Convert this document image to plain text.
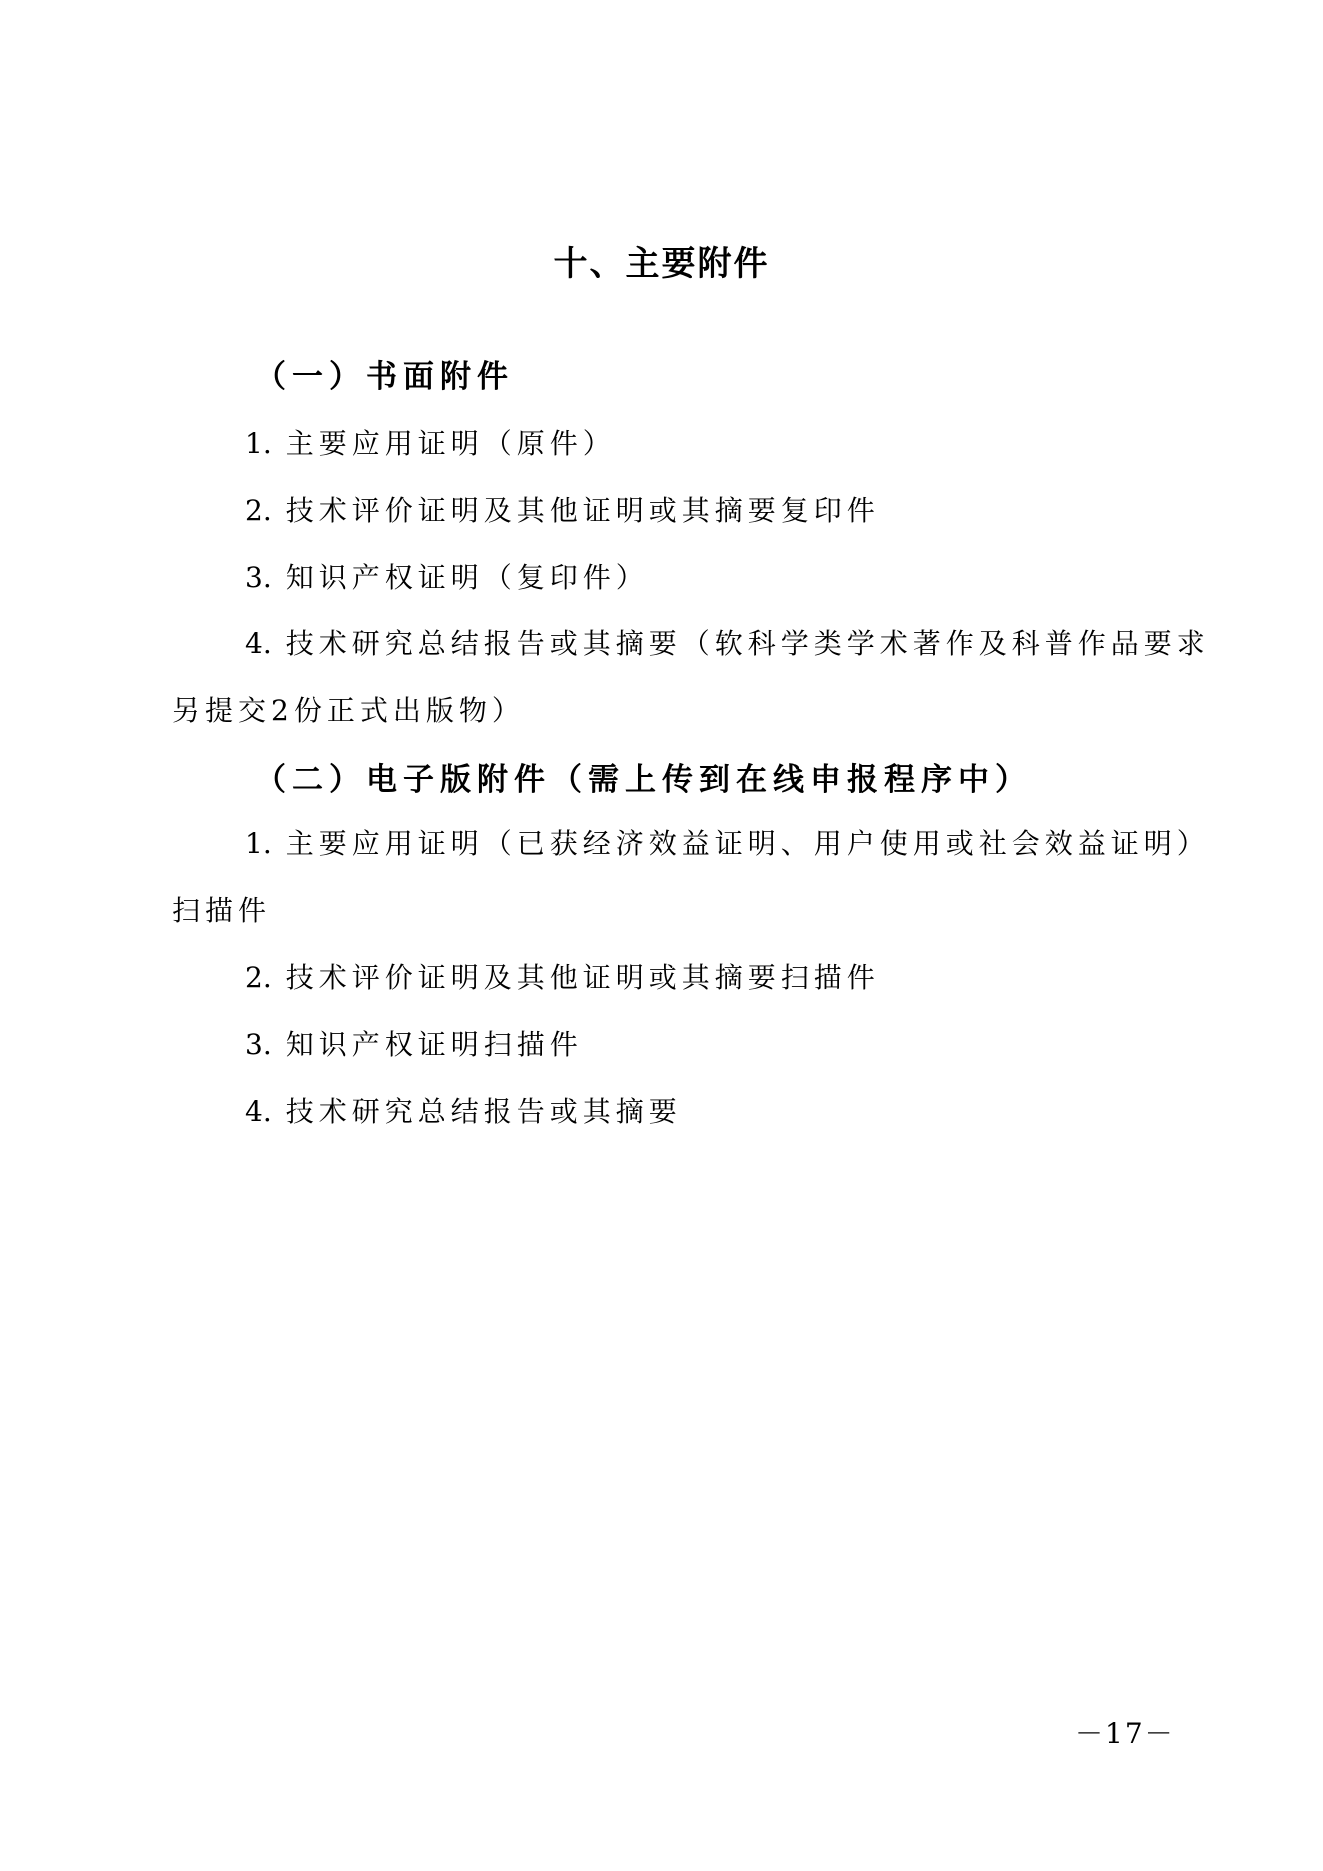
十、主要附件

（一）书面附件

1. 主要应用证明（原件）

2. 技术评价证明及其他证明或其摘要复印件

3. 知识产权证明（复印件）

4. 技术研究总结报告或其摘要（软科学类学术著作及科普作品要求

另提交2份正式出版物）

（二）电子版附件（需上传到在线申报程序中）

1. 主要应用证明（已获经济效益证明、用户使用或社会效益证明）

扫描件

2. 技术评价证明及其他证明或其摘要扫描件

3. 知识产权证明扫描件

4. 技术研究总结报告或其摘要

－17－
